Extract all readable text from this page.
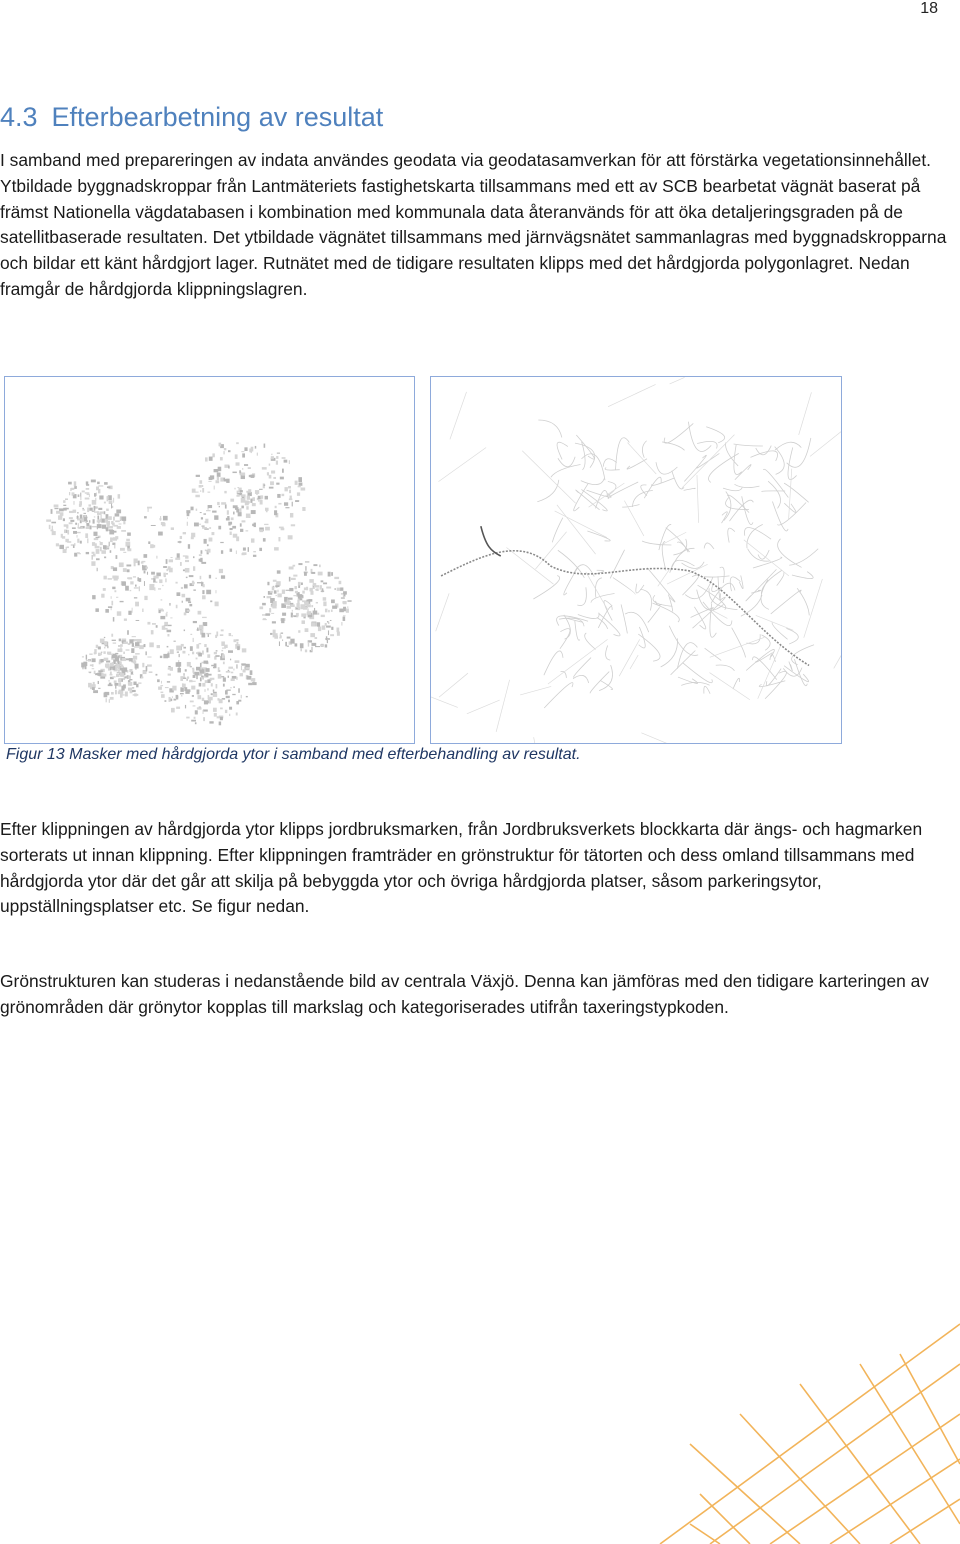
18
4.3 Efterbearbetning av resultat

I samband med prepareringen av indata användes geodata via geodatasamverkan för att förstärka vegetationsinnehållet. Ytbildade byggnadskroppar från Lantmäteriets fastighetskarta tillsammans med ett av SCB bearbetat vägnät baserat på främst Nationella vägdatabasen i kombination med kommunala data återanvänds för att öka detaljeringsgraden på de satellitbaserade resultaten. Det ytbildade vägnätet tillsammans med järnvägsnätet sammanlagras med byggnadskropparna och bildar ett känt hårdgjort lager. Rutnätet med de tidigare resultaten klipps med det hårdgjorda polygonlagret. Nedan framgår de hårdgjorda klippningslagren.

Figur 13 Masker med hårdgjorda ytor i samband med efterbehandling av resultat.

Efter klippningen av hårdgjorda ytor klipps jordbruksmarken, från Jordbruksverkets blockkarta där ängs- och hagmarken sorterats ut innan klippning. Efter klippningen framträder en grönstruktur för tätorten och dess omland tillsammans med hårdgjorda ytor där det går att skilja på bebyggda ytor och övriga hårdgjorda platser, såsom parkeringsytor, uppställningsplatser etc. Se figur nedan.

Grönstrukturen kan studeras i nedanstående bild av centrala Växjö. Denna kan jämföras med den tidigare karteringen av grönområden där grönytor kopplas till markslag och kategoriserades utifrån taxeringstypkoden.
